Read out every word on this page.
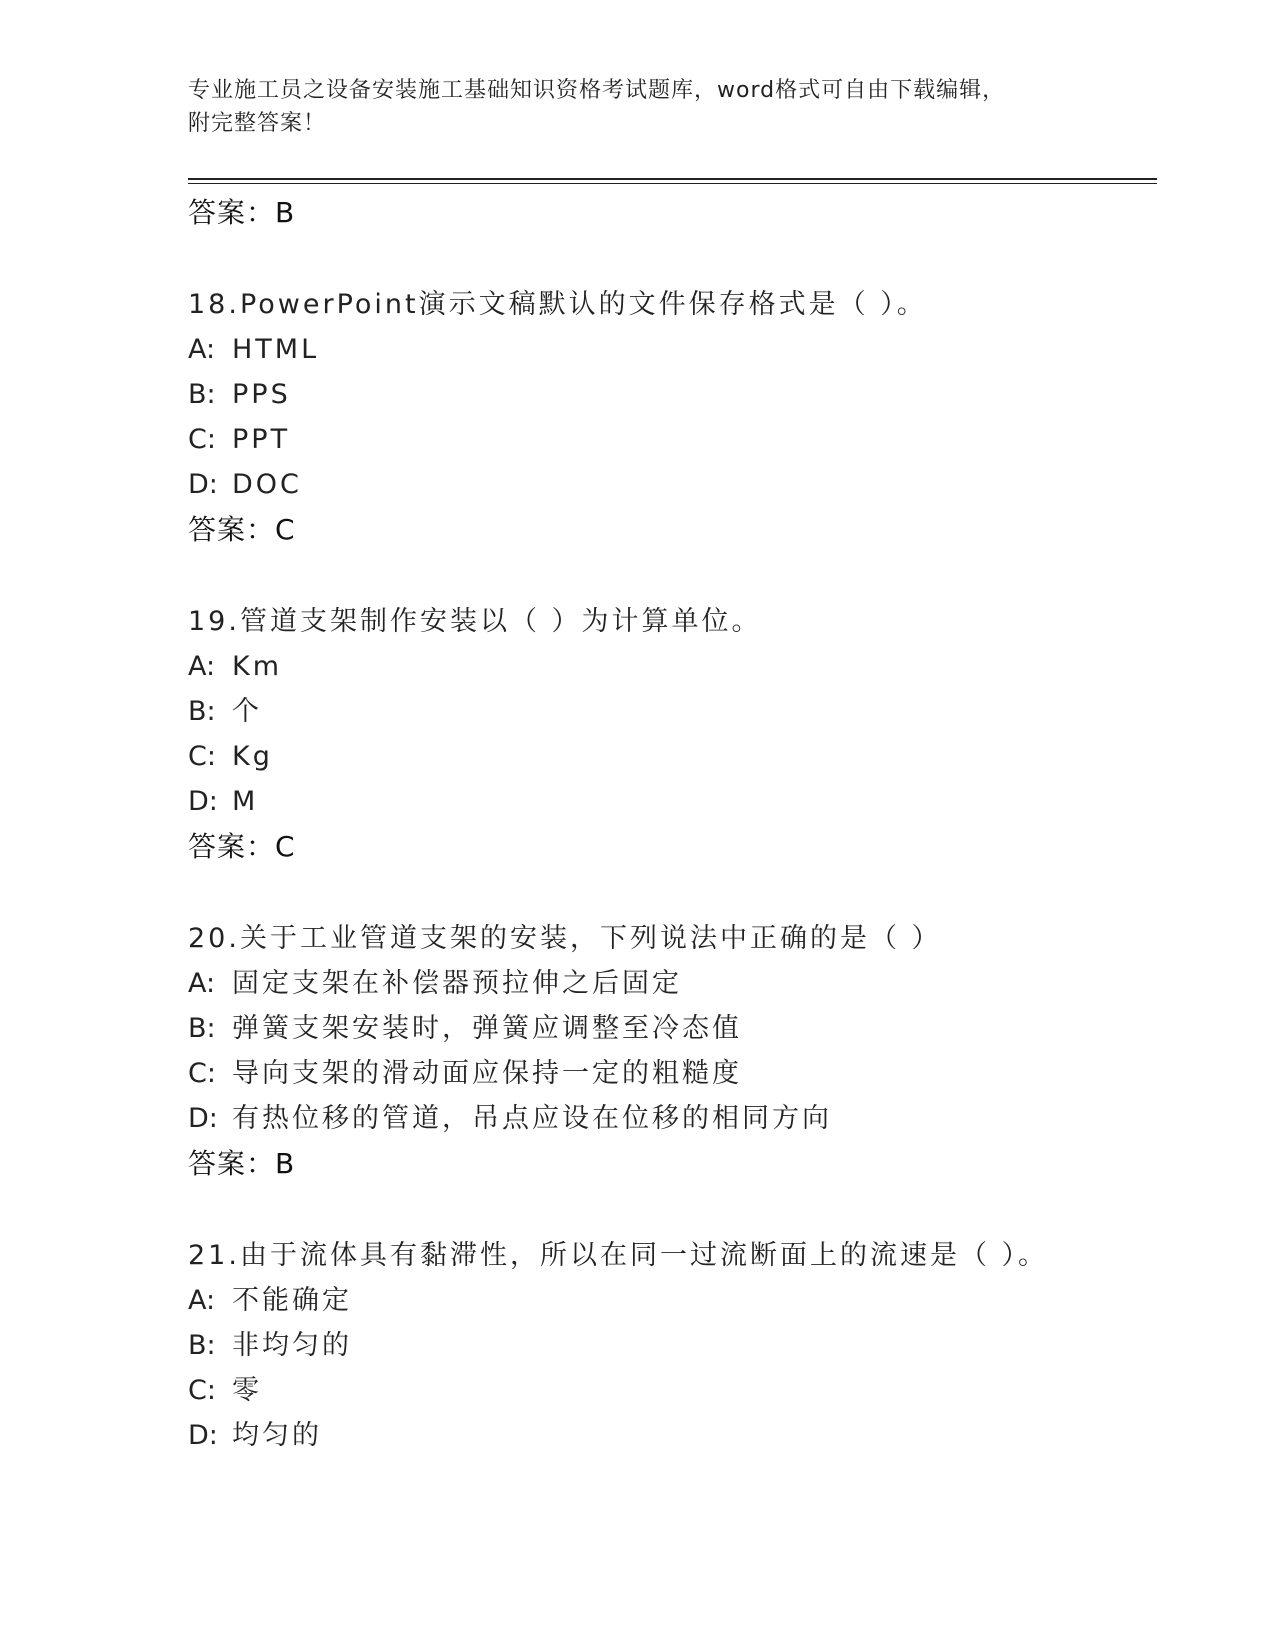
专业施工员之设备安装施工基础知识资格考试题库，word格式可自由下载编辑，
附完整答案！
答案：B
18.PowerPoint演示文稿默认的文件保存格式是（ ）。
A: HTML
B: PPS
C: PPT
D: DOC
答案：C
19.管道支架制作安装以（ ）为计算单位。
A: Km
B: 个
C: Kg
D: M
答案：C
20.关于工业管道支架的安装，下列说法中正确的是（ ）
A: 固定支架在补偿器预拉伸之后固定
B: 弹簧支架安装时，弹簧应调整至冷态值
C: 导向支架的滑动面应保持一定的粗糙度
D: 有热位移的管道，吊点应设在位移的相同方向
答案：B
21.由于流体具有黏滞性，所以在同一过流断面上的流速是（ ）。
A: 不能确定
B: 非均匀的
C: 零
D: 均匀的
